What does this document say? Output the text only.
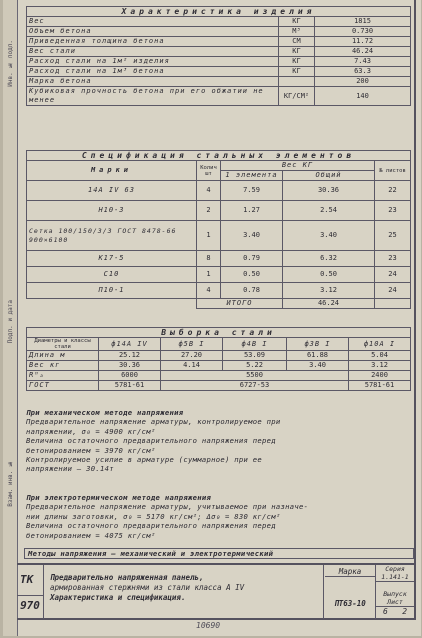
Инв. № подл.
Подп. и дата
Взам. инв. №
Характеристика изделия		
Вес	КГ	1815
Объем бетона	М³	0.730
Приведенная толщина бетона	СМ	11.72
Вес стали	КГ	46.24
Расход стали на 1м² изделия	КГ	7.43
Расход стали на 1м³ бетона	КГ	63.3
Марка бетона		200
Кубиковая прочность бетона при его обжатии не менее	КГ/СМ²	140
Спецификация стальных элементов				
Марки	Колич шт	Вес КГ		№ листов
		1 элемента	Общий	
14А IV 63	4	7.59	30.36	22
Н10-3	2	1.27	2.54	23
Сетка 100/150/3/3 ГОСТ 8478-66 900×6100	1	3.40	3.40	25
К17-5	8	0.79	6.32	23
С10	1	0.50	0.50	24
П10-1	4	0.78	3.12	24
	ИТОГО		46.24	
Выборка стали					
Диаметры и классы стали	ф14А IV	ф5В I	ф4В I	ф3В I	ф10А I
Длина м	25.12	27.20	53.09	61.88	5.04
Вес кг	30.36	4.14	5.22	3.40	3.12
Rᴴₐ	6000	5500			2400
ГОСТ	5781-61	6727-53			5781-61
При механическом методе напряжения
Предварительное напряжение арматуры, контролируемое при
напряжении, σ₀ = 4900 кг/см²
Величина остаточного предварительного напряжения перед
бетонированием = 3970 кг/см²
Контролируемое усилие в арматуре (суммарное) при ее
напряжении — 30.14т
При электротермическом методе напряжения
Предварительное напряжение арматуры, учитываемое при назначе-
нии длины заготовки, σ₀ = 5170 кг/см²; Δσ₀ = 830 кг/см²
Величина остаточного предварительного напряжения перед
бетонированием = 4075 кг/см²
Методы напряжения — механический и электротермический
ТК
970
Предварительно напряженная панель,
армированная стержнями из стали класса А IV
Характеристика и спецификация.
Марка
ПТ63-10
Серия
1.141-1
Выпуск Лист
6 2
10690
